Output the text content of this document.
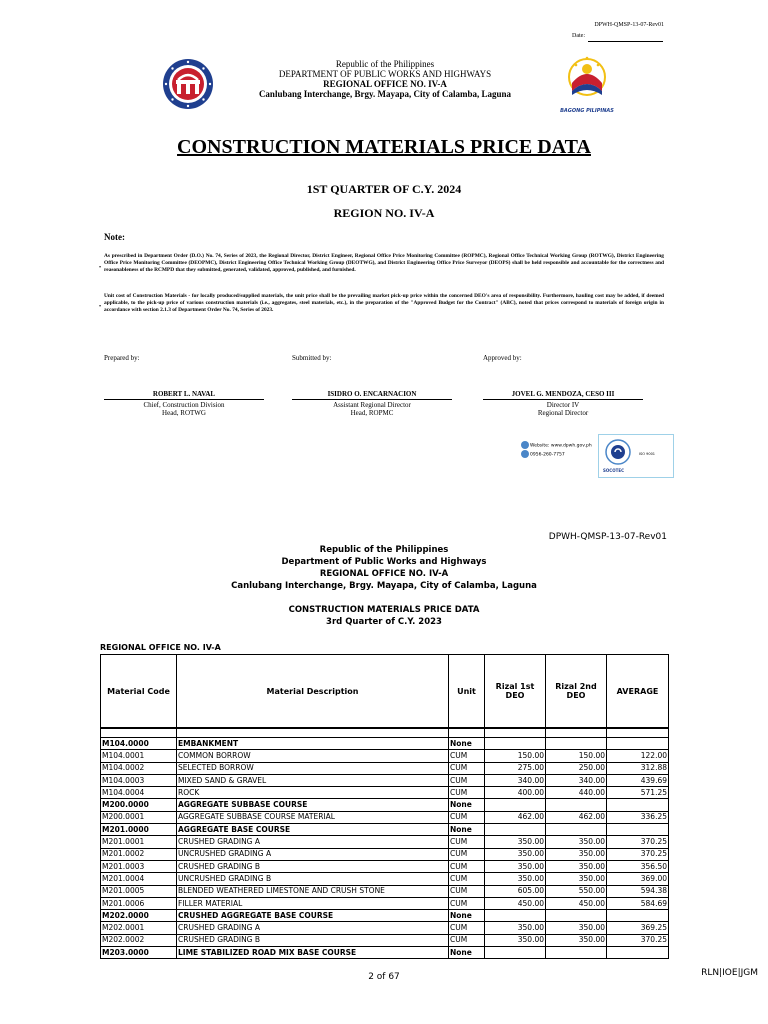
DPWH-QMSP-13-07-Rev01
Date:
Republic of the Philippines
DEPARTMENT OF PUBLIC WORKS AND HIGHWAYS
REGIONAL OFFICE NO. IV-A
Canlubang Interchange, Brgy. Mayapa, City of Calamba, Laguna
BAGONG PILIPINAS
CONSTRUCTION MATERIALS PRICE DATA
1ST QUARTER OF C.Y. 2024
REGION NO. IV-A
Note:
•
As prescribed in Department Order (D.O.) No. 74, Series of 2023, the Regional Director, District Engineer, Regional Office Price Monitoring Committee (ROPMC), Regional Office Technical Working Group (ROTWG), District Engineering Office Price Monitoring Committee (DEOPMC), District Engineering Office Technical Working Group (DEOTWG), and District Engineering Office Price Surveyor (DEOPS) shall be held responsible and accountable for the correctness and reasonableness of the RCMPD that they submitted, generated, validated, approved, published, and furnished.
•
Unit cost of Construction Materials - for locally produced/supplied materials, the unit price shall be the prevailing market pick-up price within the concerned DEO's area of responsibility. Furthermore, hauling cost may be added, if deemed applicable, to the pick-up price of various construction materials (i.e., aggregates, steel materials, etc.), in the preparation of the "Approved Budget for the Contract" (ABC), noted that prices correspond to materials of foreign origin in accordance with section 2.1.3 of Department Order No. 74, Series of 2023.
Prepared by:	Submitted by:	Approved by:
ROBERT L. NAVAL
Chief, Construction Division
Head, ROTWG
ISIDRO O. ENCARNACION
Assistant Regional Director
Head, ROPMC
JOVEL G. MENDOZA, CESO III
Director IV
Regional Director
Website: www.dpwh.gov.ph
0956-260-7757
SOCOTEC
ISO 9001
DPWH-QMSP-13-07-Rev01
Republic of the Philippines
Department of Public Works and Highways
REGIONAL OFFICE NO. IV-A
Canlubang Interchange, Brgy. Mayapa, City of Calamba, Laguna
CONSTRUCTION MATERIALS PRICE DATA
3rd Quarter of C.Y. 2023
REGIONAL OFFICE NO. IV-A
Material Code	Material Description	Unit	Rizal 1st DEO	Rizal 2nd DEO	AVERAGE

M104.0000	EMBANKMENT	None			
M104.0001	COMMON BORROW	CUM	150.00	150.00	122.00
M104.0002	SELECTED BORROW	CUM	275.00	250.00	312.88
M104.0003	MIXED SAND & GRAVEL	CUM	340.00	340.00	439.69
M104.0004	ROCK	CUM	400.00	440.00	571.25
M200.0000	AGGREGATE SUBBASE COURSE	None			
M200.0001	AGGREGATE SUBBASE COURSE MATERIAL	CUM	462.00	462.00	336.25
M201.0000	AGGREGATE BASE COURSE	None			
M201.0001	CRUSHED GRADING A	CUM	350.00	350.00	370.25
M201.0002	UNCRUSHED GRADING A	CUM	350.00	350.00	370.25
M201.0003	CRUSHED GRADING B	CUM	350.00	350.00	356.50
M201.0004	UNCRUSHED GRADING B	CUM	350.00	350.00	369.00
M201.0005	BLENDED WEATHERED LIMESTONE AND CRUSH STONE	CUM	605.00	550.00	594.38
M201.0006	FILLER MATERIAL	CUM	450.00	450.00	584.69
M202.0000	CRUSHED AGGREGATE BASE COURSE	None			
M202.0001	CRUSHED GRADING A	CUM	350.00	350.00	369.25
M202.0002	CRUSHED GRADING B	CUM	350.00	350.00	370.25
M203.0000	LIME STABILIZED ROAD MIX BASE COURSE	None			
2 of 67	RLN|IOE|JGM
